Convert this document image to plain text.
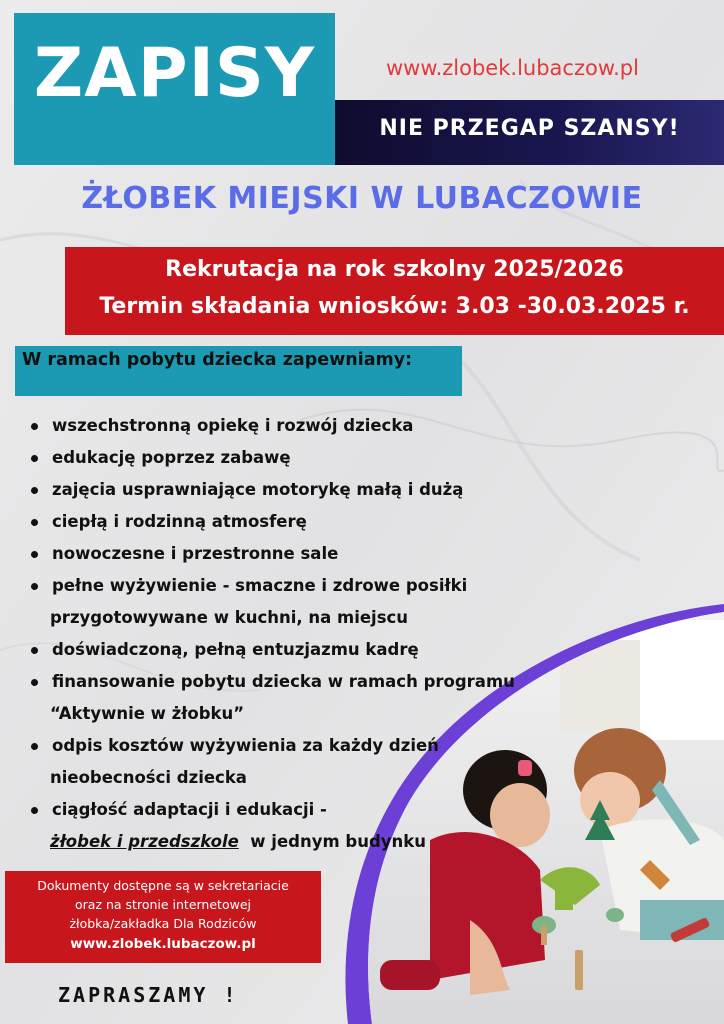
ZAPISY	www.zlobek.lubaczow.pl
NIE PRZEGAP SZANSY!
ŻŁOBEK MIEJSKI W LUBACZOWIE
Rekrutacja na rok szkolny 2025/2026
Termin składania wniosków: 3.03 -30.03.2025 r.
W ramach pobytu dziecka zapewniamy:
wszechstronną opiekę i rozwój dziecka
edukację poprzez zabawę
zajęcia usprawniające motorykę małą i dużą
ciepłą i rodzinną atmosferę
nowoczesne i przestronne sale
pełne wyżywienie - smaczne i zdrowe posiłki
przygotowywane w kuchni, na miejscu
doświadczoną, pełną entuzjazmu kadrę
finansowanie pobytu dziecka w ramach programu
“Aktywnie w żłobku”
odpis kosztów wyżywienia za każdy dzień
nieobecności dziecka
ciągłość adaptacji i edukacji -
żłobek i przedszkole w jednym budynku
Dokumenty dostępne są w sekretariacie
oraz na stronie internetowej
żłobka/zakładka Dla Rodziców
www.zlobek.lubaczow.pl
ZAPRASZAMY !
